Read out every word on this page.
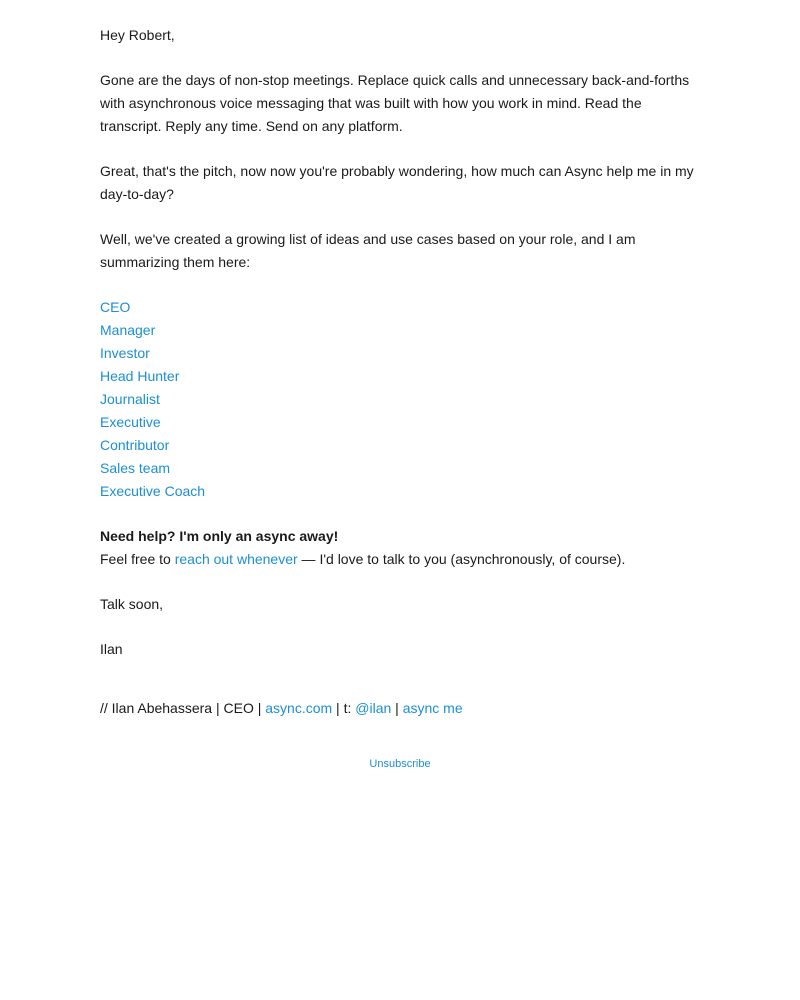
Hey Robert,

Gone are the days of non-stop meetings. Replace quick calls and unnecessary back-and-forths with asynchronous voice messaging that was built with how you work in mind. Read the transcript. Reply any time. Send on any platform.

Great, that's the pitch, now now you're probably wondering, how much can Async help me in my day-to-day?

Well, we've created a growing list of ideas and use cases based on your role, and I am summarizing them here:

CEO
Manager
Investor
Head Hunter
Journalist
Executive
Contributor
Sales team
Executive Coach

Need help? I'm only an async away!

Feel free to reach out whenever — I'd love to talk to you (asynchronously, of course).

Talk soon,

Ilan

// Ilan Abehassera | CEO | async.com | t: @ilan | async me

Unsubscribe
